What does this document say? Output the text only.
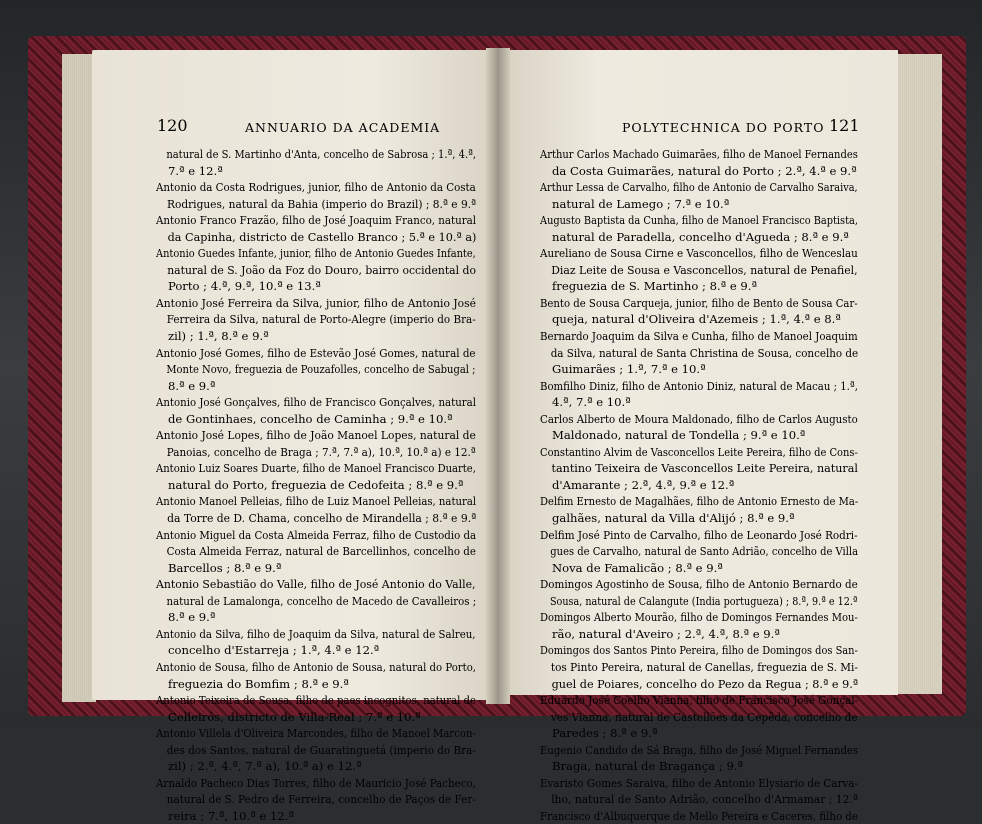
120	ANNUARIO DA ACADEMIA	POLYTECHNICA DO PORTO 121
natural de S. Martinho d'Anta, concelho de Sabrosa ; 1.ª, 4.ª,
7.ª e 12.ª
Antonio da Costa Rodrigues, junior, filho de Antonio da Costa
Rodrigues, natural da Bahia (imperio do Brazil) ; 8.ª e 9.ª
Antonio Franco Frazão, filho de José Joaquim Franco, natural
da Capinha, districto de Castello Branco ; 5.ª e 10.ª a)
Antonio Guedes Infante, junior, filho de Antonio Guedes Infante,
natural de S. João da Foz do Douro, bairro occidental do
Porto ; 4.ª, 9.ª, 10.ª e 13.ª
Antonio José Ferreira da Silva, junior, filho de Antonio José
Ferreira da Silva, natural de Porto-Alegre (imperio do Bra-
zil) ; 1.ª, 8.ª e 9.ª
Antonio José Gomes, filho de Estevão José Gomes, natural de
Monte Novo, freguezia de Pouzafolles, concelho de Sabugal ;
8.ª e 9.ª
Antonio José Gonçalves, filho de Francisco Gonçalves, natural
de Gontinhaes, concelho de Caminha ; 9.ª e 10.ª
Antonio José Lopes, filho de João Manoel Lopes, natural de
Panoias, concelho de Braga ; 7.ª, 7.ª a), 10.ª, 10.ª a) e 12.ª
Antonio Luiz Soares Duarte, filho de Manoel Francisco Duarte,
natural do Porto, freguezia de Cedofeita ; 8.ª e 9.ª
Antonio Manoel Pelleias, filho de Luiz Manoel Pelleias, natural
da Torre de D. Chama, concelho de Mirandella ; 8.ª e 9.ª
Antonio Miguel da Costa Almeida Ferraz, filho de Custodio da
Costa Almeida Ferraz, natural de Barcellinhos, concelho de
Barcellos ; 8.ª e 9.ª
Antonio Sebastião do Valle, filho de José Antonio do Valle,
natural de Lamalonga, concelho de Macedo de Cavalleiros ;
8.ª e 9.ª
Antonio da Silva, filho de Joaquim da Silva, natural de Salreu,
concelho d'Estarreja ; 1.ª, 4.ª e 12.ª
Antonio de Sousa, filho de Antonio de Sousa, natural do Porto,
freguezia do Bomfim ; 8.ª e 9.ª
Antonio Teixeira de Sousa, filho de paes incognitos, natural de
Celleirós, districto de Villa-Real ; 7.ª e 10.ª
Antonio Villela d'Oliveira Marcondes, filho de Manoel Marcon-
des dos Santos, natural de Guaratinguetá (imperio do Bra-
zil) ; 2.ª, 4.ª, 7.ª a), 10.ª a) e 12.ª
Arnaldo Pacheco Dias Torres, filho de Mauricio José Pacheco,
natural de S. Pedro de Ferreira, concelho de Paços de Fer-
reira ; 7.ª, 10.ª e 12.ª
Arthur Carlos Machado Guimarães, filho de Manoel Fernandes
da Costa Guimarães, natural do Porto ; 2.ª, 4.ª e 9.ª
Arthur Lessa de Carvalho, filho de Antonio de Carvalho Saraiva,
natural de Lamego ; 7.ª e 10.ª
Augusto Baptista da Cunha, filho de Manoel Francisco Baptista,
natural de Paradella, concelho d'Agueda ; 8.ª e 9.ª
Aureliano de Sousa Cirne e Vasconcellos, filho de Wenceslau
Diaz Leite de Sousa e Vasconcellos, natural de Penafiel,
freguezia de S. Martinho ; 8.ª e 9.ª
Bento de Sousa Carqueja, junior, filho de Bento de Sousa Car-
queja, natural d'Oliveira d'Azemeis ; 1.ª, 4.ª e 8.ª
Bernardo Joaquim da Silva e Cunha, filho de Manoel Joaquim
da Silva, natural de Santa Christina de Sousa, concelho de
Guimarães ; 1.ª, 7.ª e 10.ª
Bomfilho Diniz, filho de Antonio Diniz, natural de Macau ; 1.ª,
4.ª, 7.ª e 10.ª
Carlos Alberto de Moura Maldonado, filho de Carlos Augusto
Maldonado, natural de Tondella ; 9.ª e 10.ª
Constantino Alvim de Vasconcellos Leite Pereira, filho de Cons-
tantino Teixeira de Vasconcellos Leite Pereira, natural
d'Amarante ; 2.ª, 4.ª, 9.ª e 12.ª
Delfim Ernesto de Magalhães, filho de Antonio Ernesto de Ma-
galhães, natural da Villa d'Alijó ; 8.ª e 9.ª
Delfim José Pinto de Carvalho, filho de Leonardo José Rodri-
gues de Carvalho, natural de Santo Adrião, concelho de Villa
Nova de Famalicão ; 8.ª e 9.ª
Domingos Agostinho de Sousa, filho de Antonio Bernardo de
Sousa, natural de Calangute (India portugueza) ; 8.ª, 9.ª e 12.ª
Domingos Alberto Mourão, filho de Domingos Fernandes Mou-
rão, natural d'Aveiro ; 2.ª, 4.ª, 8.ª e 9.ª
Domingos dos Santos Pinto Pereira, filho de Domingos dos San-
tos Pinto Pereira, natural de Canellas, freguezia de S. Mi-
guel de Poiares, concelho do Pezo da Regua ; 8.ª e 9.ª
Eduardo José Coelho Vianna, filho de Francisco José Gonçal-
ves Vianna, natural de Castellões da Cepêda, concelho de
Paredes ; 8.ª e 9.ª
Eugenio Candido de Sá Braga, filho de José Miguel Fernandes
Braga, natural de Bragança ; 9.ª
Evaristo Gomes Saraiva, filho de Antonio Elysiario de Carva-
lho, natural de Santo Adrião, concelho d'Armamar ; 12.ª
Francisco d'Albuquerque de Mello Pereira e Caceres, filho de
